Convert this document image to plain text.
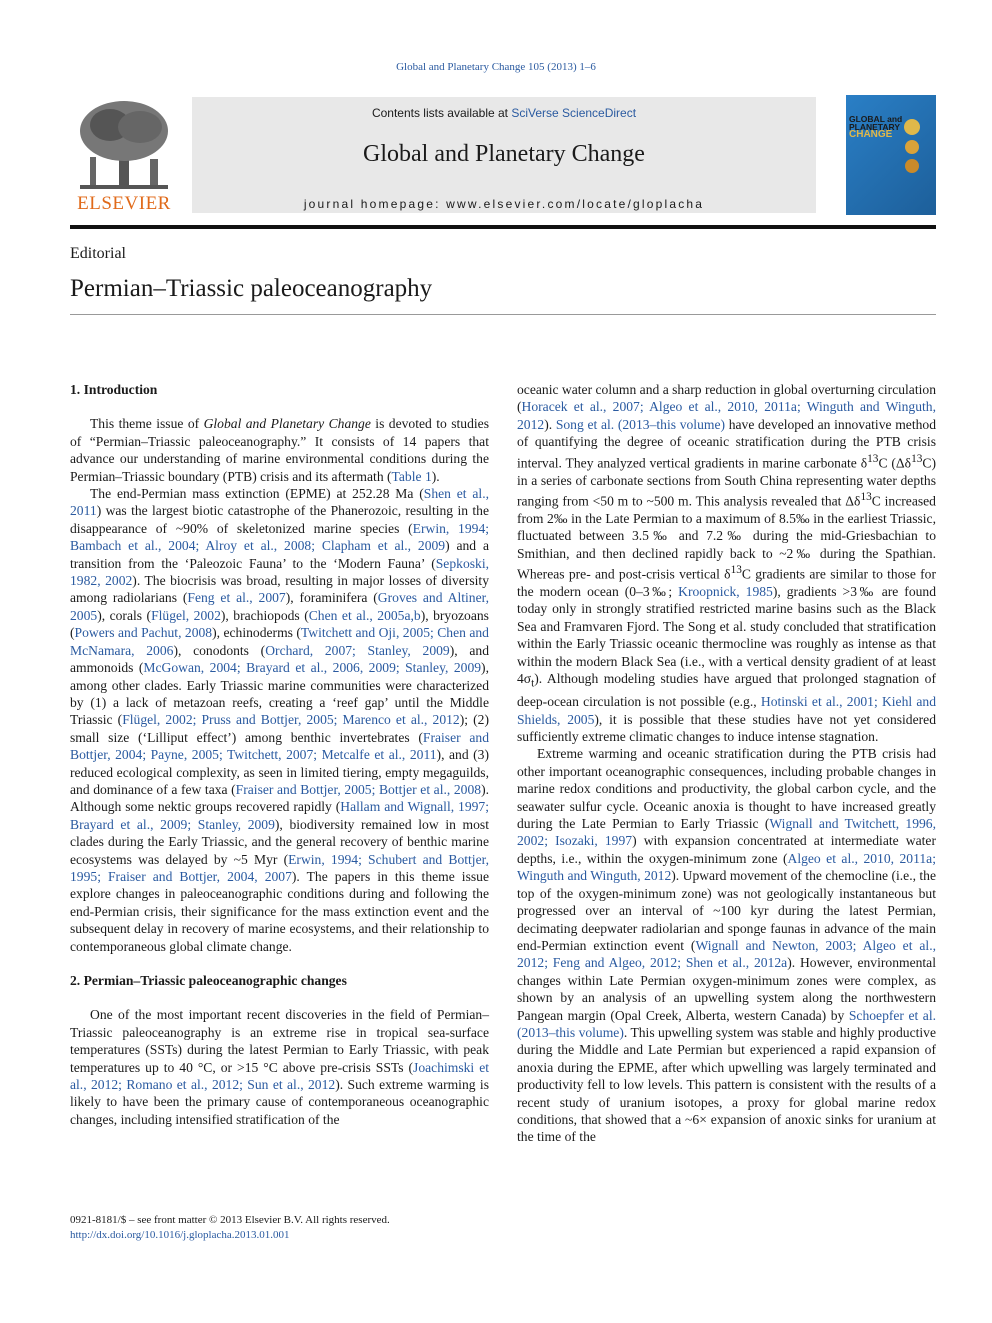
Global and Planetary Change 105 (2013) 1–6
ELSEVIER
Contents lists available at SciVerse ScienceDirect
Global and Planetary Change
journal homepage: www.elsevier.com/locate/gloplacha
GLOBAL and
PLANETARY
CHANGE
Editorial
Permian–Triassic paleoceanography
1. Introduction

This theme issue of Global and Planetary Change is devoted to studies of “Permian–Triassic paleoceanography.” It consists of 14 papers that advance our understanding of marine environmental conditions during the Permian–Triassic boundary (PTB) crisis and its aftermath (Table 1).

The end-Permian mass extinction (EPME) at 252.28 Ma (Shen et al., 2011) was the largest biotic catastrophe of the Phanerozoic, resulting in the disappearance of ~90% of skeletonized marine species (Erwin, 1994; Bambach et al., 2004; Alroy et al., 2008; Clapham et al., 2009) and a transition from the ‘Paleozoic Fauna’ to the ‘Modern Fauna’ (Sepkoski, 1982, 2002). The biocrisis was broad, resulting in major losses of diversity among radiolarians (Feng et al., 2007), foraminifera (Groves and Altiner, 2005), corals (Flügel, 2002), brachiopods (Chen et al., 2005a,b), bryozoans (Powers and Pachut, 2008), echinoderms (Twitchett and Oji, 2005; Chen and McNamara, 2006), conodonts (Orchard, 2007; Stanley, 2009), and ammonoids (McGowan, 2004; Brayard et al., 2006, 2009; Stanley, 2009), among other clades. Early Triassic marine communities were characterized by (1) a lack of metazoan reefs, creating a ‘reef gap’ until the Middle Triassic (Flügel, 2002; Pruss and Bottjer, 2005; Marenco et al., 2012); (2) small size (‘Lilliput effect’) among benthic invertebrates (Fraiser and Bottjer, 2004; Payne, 2005; Twitchett, 2007; Metcalfe et al., 2011), and (3) reduced ecological complexity, as seen in limited tiering, empty megaguilds, and dominance of a few taxa (Fraiser and Bottjer, 2005; Bottjer et al., 2008). Although some nektic groups recovered rapidly (Hallam and Wignall, 1997; Brayard et al., 2009; Stanley, 2009), biodiversity remained low in most clades during the Early Triassic, and the general recovery of benthic marine ecosystems was delayed by ~5 Myr (Erwin, 1994; Schubert and Bottjer, 1995; Fraiser and Bottjer, 2004, 2007). The papers in this theme issue explore changes in paleoceanographic conditions during and following the end-Permian crisis, their significance for the mass extinction event and the subsequent delay in recovery of marine ecosystems, and their relationship to contemporaneous global climate change.

2. Permian–Triassic paleoceanographic changes

One of the most important recent discoveries in the field of Permian–Triassic paleoceanography is an extreme rise in tropical sea-surface temperatures (SSTs) during the latest Permian to Early Triassic, with peak temperatures up to 40 °C, or >15 °C above pre-crisis SSTs (Joachimski et al., 2012; Romano et al., 2012; Sun et al., 2012). Such extreme warming is likely to have been the primary cause of contemporaneous oceanographic changes, including intensified stratification of the

oceanic water column and a sharp reduction in global overturning circulation (Horacek et al., 2007; Algeo et al., 2010, 2011a; Winguth and Winguth, 2012). Song et al. (2013–this volume) have developed an innovative method of quantifying the degree of oceanic stratification during the PTB crisis interval. They analyzed vertical gradients in marine carbonate $\delta^{13}C$ $(\Delta\delta^{13}C)$ in a series of carbonate sections from South China representing water depths ranging from <50 m to ~500 m. This analysis revealed that $\Delta\delta^{13}C$ increased from 2‰ in the Late Permian to a maximum of 8.5‰ in the earliest Triassic, fluctuated between 3.5‰ and 7.2‰ during the mid-Griesbachian to Smithian, and then declined rapidly back to ~2‰ during the Spathian. Whereas pre- and post-crisis vertical $\delta^{13}C$ gradients are similar to those for the modern ocean (0–3‰; Kroopnick, 1985), gradients >3‰ are found today only in strongly stratified restricted marine basins such as the Black Sea and Framvaren Fjord. The Song et al. study concluded that stratification within the Early Triassic oceanic thermocline was roughly as intense as that within the modern Black Sea (i.e., with a vertical density gradient of at least $4\sigma_t$). Although modeling studies have argued that prolonged stagnation of deep-ocean circulation is not possible (e.g., Hotinski et al., 2001; Kiehl and Shields, 2005), it is possible that these studies have not yet considered sufficiently extreme climatic changes to induce intense stagnation.

Extreme warming and oceanic stratification during the PTB crisis had other important oceanographic consequences, including probable changes in marine redox conditions and productivity, the global carbon cycle, and the seawater sulfur cycle. Oceanic anoxia is thought to have increased greatly during the Late Permian to Early Triassic (Wignall and Twitchett, 1996, 2002; Isozaki, 1997) with expansion concentrated at intermediate water depths, i.e., within the oxygen-minimum zone (Algeo et al., 2010, 2011a; Winguth and Winguth, 2012). Upward movement of the chemocline (i.e., the top of the oxygen-minimum zone) was not geologically instantaneous but progressed over an interval of ~100 kyr during the latest Permian, decimating deepwater radiolarian and sponge faunas in advance of the main end-Permian extinction event (Wignall and Newton, 2003; Algeo et al., 2012; Feng and Algeo, 2012; Shen et al., 2012a). However, environmental changes within Late Permian oxygen-minimum zones were complex, as shown by an analysis of an upwelling system along the northwestern Pangean margin (Opal Creek, Alberta, western Canada) by Schoepfer et al. (2013–this volume). This upwelling system was stable and highly productive during the Middle and Late Permian but experienced a rapid expansion of anoxia during the EPME, after which upwelling was largely terminated and productivity fell to low levels. This pattern is consistent with the results of a recent study of uranium isotopes, a proxy for global marine redox conditions, that showed that a ~6× expansion of anoxic sinks for uranium at the time of the

0921-8181/$ – see front matter © 2013 Elsevier B.V. All rights reserved.
http://dx.doi.org/10.1016/j.gloplacha.2013.01.001
